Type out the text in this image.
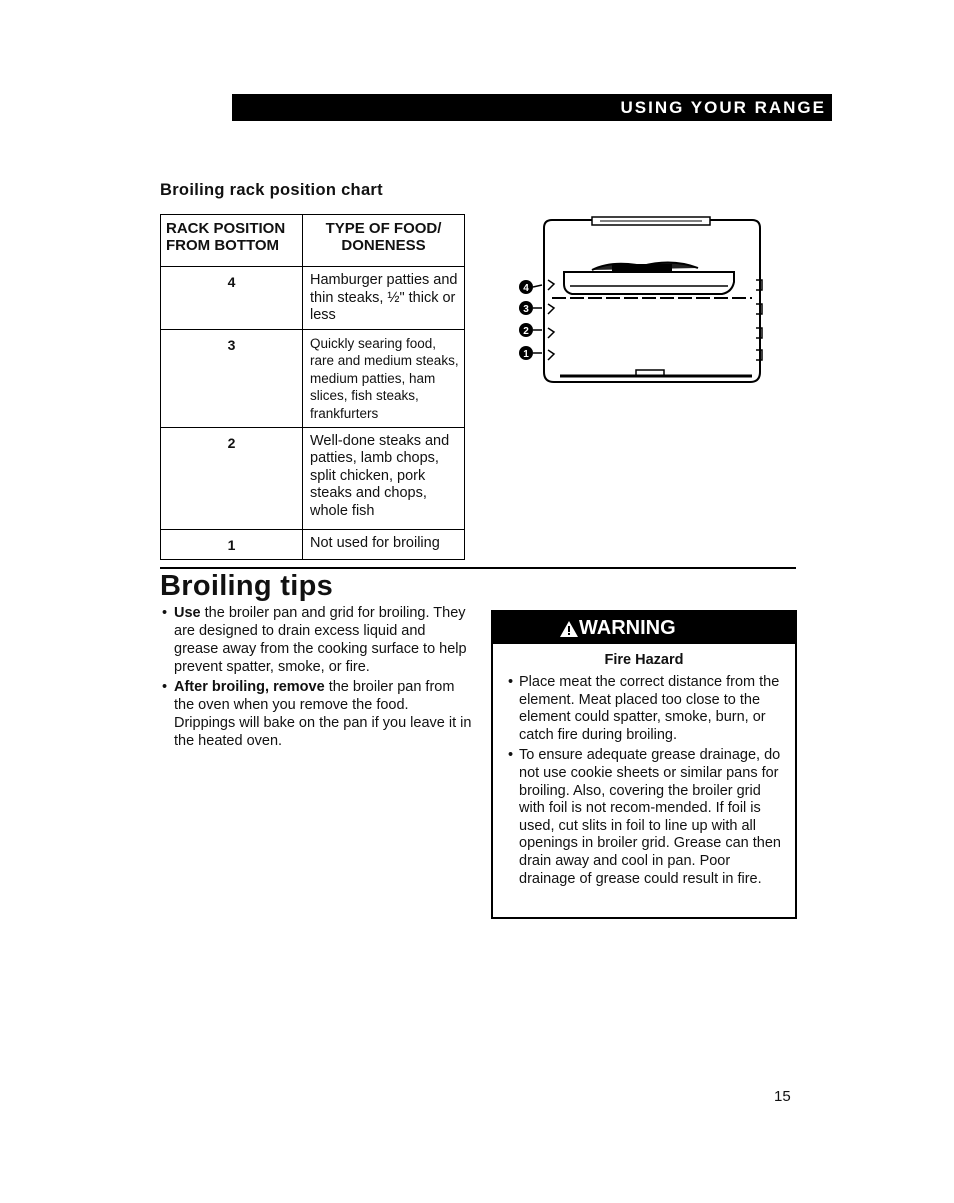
USING YOUR RANGE
Broiling rack position chart
RACK POSITION FROM BOTTOM	TYPE OF FOOD/ DONENESS
4	Hamburger patties and thin steaks, ½" thick or less
3	Quickly searing food, rare and medium steaks, medium patties, ham slices, fish steaks, frankfurters
2	Well-done steaks and patties, lamb chops, split chicken, pork steaks and chops, whole fish
1	Not used for broiling
4
3
2
1
Broiling tips
• Use the broiler pan and grid for broiling. They are designed to drain excess liquid and grease away from the cooking surface to help prevent spatter, smoke, or fire.
• After broiling, remove the broiler pan from the oven when you remove the food. Drippings will bake on the pan if you leave it in the heated oven.
WARNING
Fire Hazard
• Place meat the correct distance from the element. Meat placed too close to the element could spatter, smoke, burn, or catch fire during broiling.
• To ensure adequate grease drainage, do not use cookie sheets or similar pans for broiling. Also, covering the broiler grid with foil is not recom-mended. If foil is used, cut slits in foil to line up with all openings in broiler grid. Grease can then drain away and cool in pan. Poor drainage of grease could result in fire.
15
